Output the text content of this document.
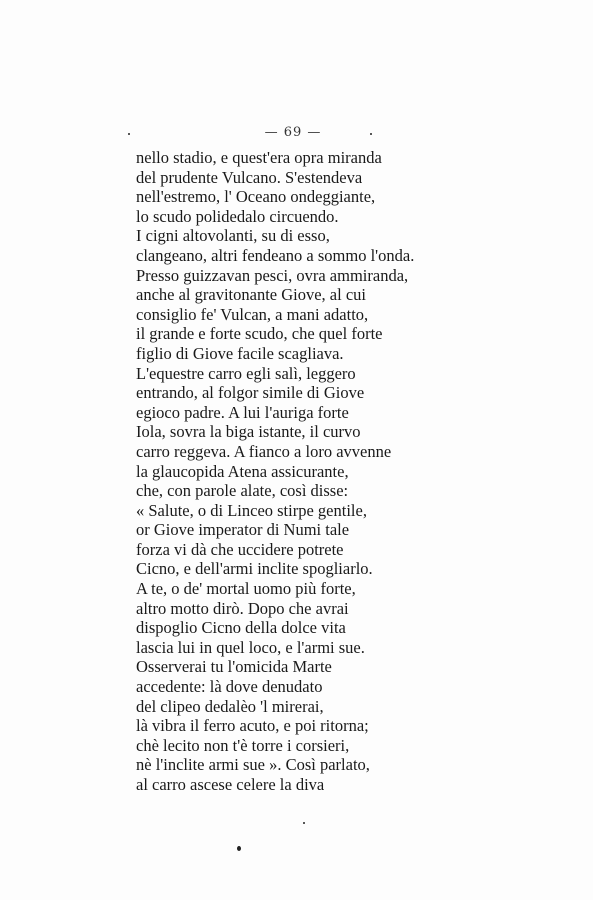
— 69 —
nello stadio, e quest'era opra miranda
del prudente Vulcano. S'estendeva
nell'estremo, l' Oceano ondeggiante,
lo scudo polidedalo circuendo.
I cigni altovolanti, su di esso,
clangeano, altri fendeano a sommo l'onda.
Presso guizzavan pesci, ovra ammiranda,
anche al gravitonante Giove, al cui
consiglio fe' Vulcan, a mani adatto,
il grande e forte scudo, che quel forte
figlio di Giove facile scagliava.
L'equestre carro egli salì, leggero
entrando, al folgor simile di Giove
egioco padre. A lui l'auriga forte
Iola, sovra la biga istante, il curvo
carro reggeva. A fianco a loro avvenne
la glaucopida Atena assicurante,
che, con parole alate, così disse:
« Salute, o di Linceo stirpe gentile,
or Giove imperator di Numi tale
forza vi dà che uccidere potrete
Cicno, e dell'armi inclite spogliarlo.
A te, o de' mortal uomo più forte,
altro motto dirò. Dopo che avrai
dispoglio Cicno della dolce vita
lascia lui in quel loco, e l'armi sue.
Osserverai tu l'omicida Marte
accedente: là dove denudato
del clipeo dedalèo 'l mirerai,
là vibra il ferro acuto, e poi ritorna;
chè lecito non t'è torre i corsieri,
nè l'inclite armi sue ». Così parlato,
al carro ascese celere la diva
